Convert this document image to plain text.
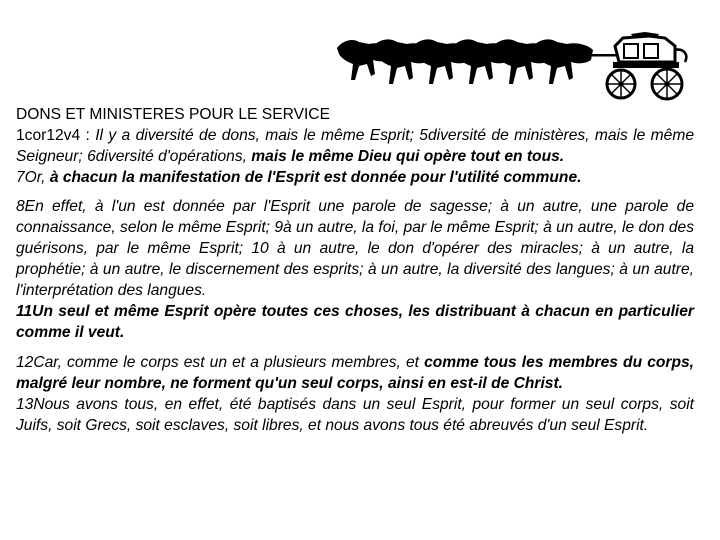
DONS ET MINISTERES POUR LE SERVICE
1cor12v4 : Il y a diversité de dons, mais le même Esprit; 5diversité de ministères, mais le même Seigneur; 6diversité d'opérations, mais le même Dieu qui opère tout en tous.
7Or, à chacun la manifestation de l'Esprit est donnée pour l'utilité commune.

8En effet, à l'un est donnée par l'Esprit une parole de sagesse; à un autre, une parole de connaissance, selon le même Esprit; 9à un autre, la foi, par le même Esprit; à un autre, le don des guérisons, par le même Esprit; 10 à un autre, le don d'opérer des miracles; à un autre, la prophétie; à un autre, le discernement des esprits; à un autre, la diversité des langues; à un autre, l'interprétation des langues.
11Un seul et même Esprit opère toutes ces choses, les distribuant à chacun en particulier comme il veut.

12Car, comme le corps est un et a plusieurs membres, et comme tous les membres du corps, malgré leur nombre, ne forment qu'un seul corps, ainsi en est-il de Christ.
13Nous avons tous, en effet, été baptisés dans un seul Esprit, pour former un seul corps, soit Juifs, soit Grecs, soit esclaves, soit libres, et nous avons tous été abreuvés d'un seul Esprit.
